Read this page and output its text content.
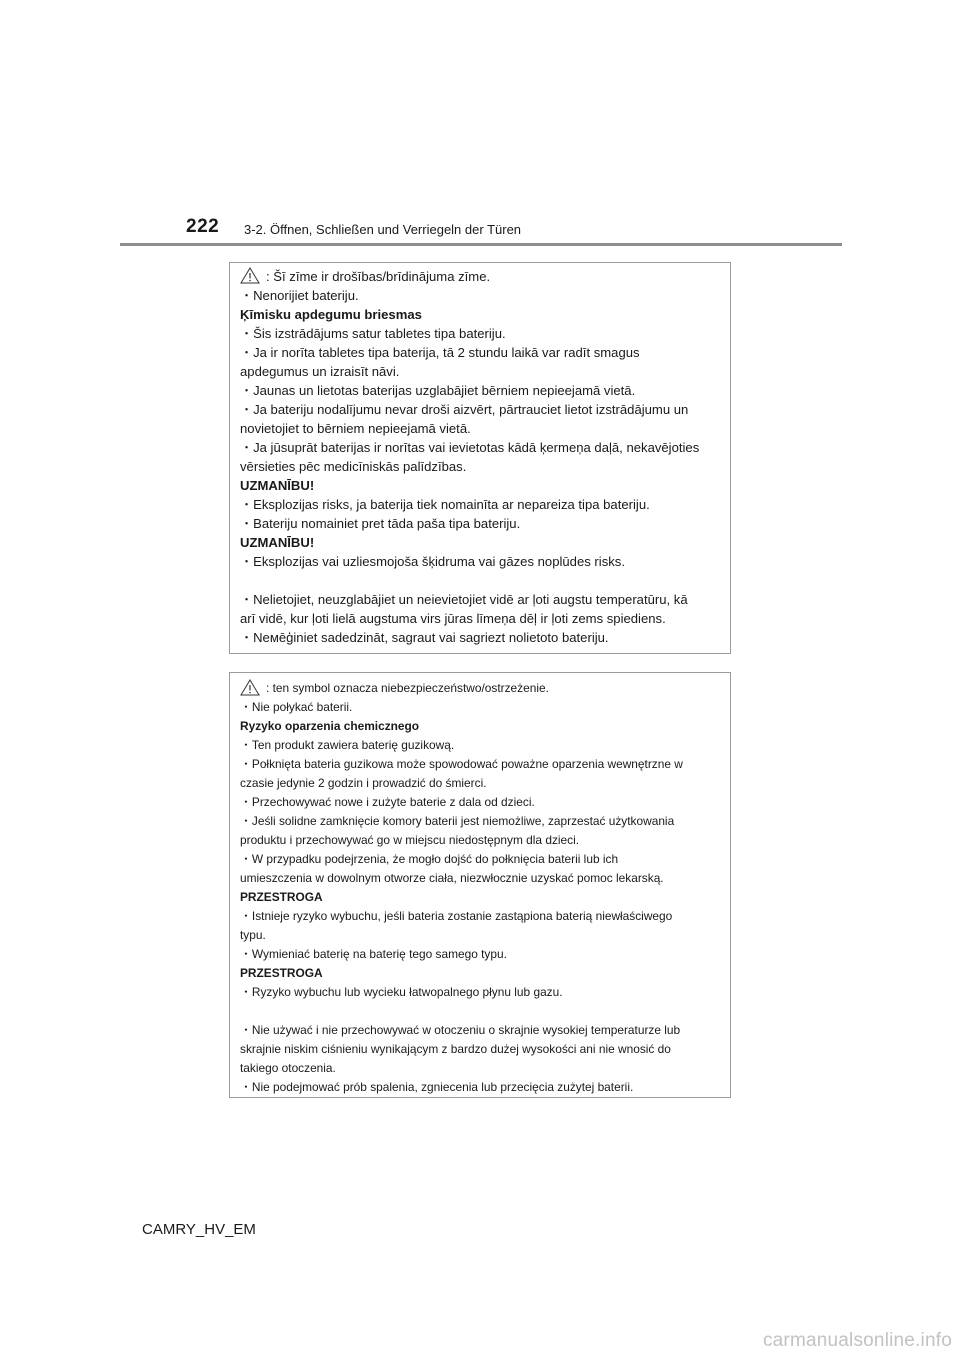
222 3-2. Öffnen, Schließen und Verriegeln der Türen
: Šī zīme ir drošības/brīdinājuma zīme.
・Nenorijiet bateriju.
Ķīmisku apdegumu briesmas
・Šis izstrādājums satur tabletes tipa bateriju.
・Ja ir norīta tabletes tipa baterija, tā 2 stundu laikā var radīt smagus
apdegumus un izraisīt nāvi.
・Jaunas un lietotas baterijas uzglabājiet bērniem nepieejamā vietā.
・Ja bateriju nodalījumu nevar droši aizvērt, pārtrauciet lietot izstrādājumu un
novietojiet to bērniem nepieejamā vietā.
・Ja jūsuprāt baterijas ir norītas vai ievietotas kādā ķermeņa daļā, nekavējoties
vērsieties pēc medicīniskās palīdzības.
UZMANĪBU!
・Eksplozijas risks, ja baterija tiek nomainīta ar nepareiza tipa bateriju.
・Bateriju nomainiet pret tāda paša tipa bateriju.
UZMANĪBU!
・Eksplozijas vai uzliesmojoša šķidruma vai gāzes noplūdes risks.
・Nelietojiet, neuzglabājiet un neievietojiet vidē ar ļoti augstu temperatūru, kā
arī vidē, kur ļoti lielā augstuma virs jūras līmeņa dēļ ir ļoti zems spiediens.
・Neмēģiniet sadedzināt, sagraut vai sagriezt nolietoto bateriju.
: ten symbol oznacza niebezpieczeństwo/ostrzeżenie.
・Nie połykać baterii.
Ryzyko oparzenia chemicznego
・Ten produkt zawiera baterię guzikową.
・Połknięta bateria guzikowa może spowodować poważne oparzenia wewnętrzne w
czasie jedynie 2 godzin i prowadzić do śmierci.
・Przechowywać nowe i zużyte baterie z dala od dzieci.
・Jeśli solidne zamknięcie komory baterii jest niemożliwe, zaprzestać użytkowania
produktu i przechowywać go w miejscu niedostępnym dla dzieci.
・W przypadku podejrzenia, że mogło dojść do połknięcia baterii lub ich
umieszczenia w dowolnym otworze ciała, niezwłocznie uzyskać pomoc lekarską.
PRZESTROGA
・Istnieje ryzyko wybuchu, jeśli bateria zostanie zastąpiona baterią niewłaściwego
typu.
・Wymieniać baterię na baterię tego samego typu.
PRZESTROGA
・Ryzyko wybuchu lub wycieku łatwopalnego płynu lub gazu.
・Nie używać i nie przechowywać w otoczeniu o skrajnie wysokiej temperaturze lub
skrajnie niskim ciśnieniu wynikającym z bardzo dużej wysokości ani nie wnosić do
takiego otoczenia.
・Nie podejmować prób spalenia, zgniecenia lub przecięcia zużytej baterii.
CAMRY_HV_EM
carmanualsonline.info
